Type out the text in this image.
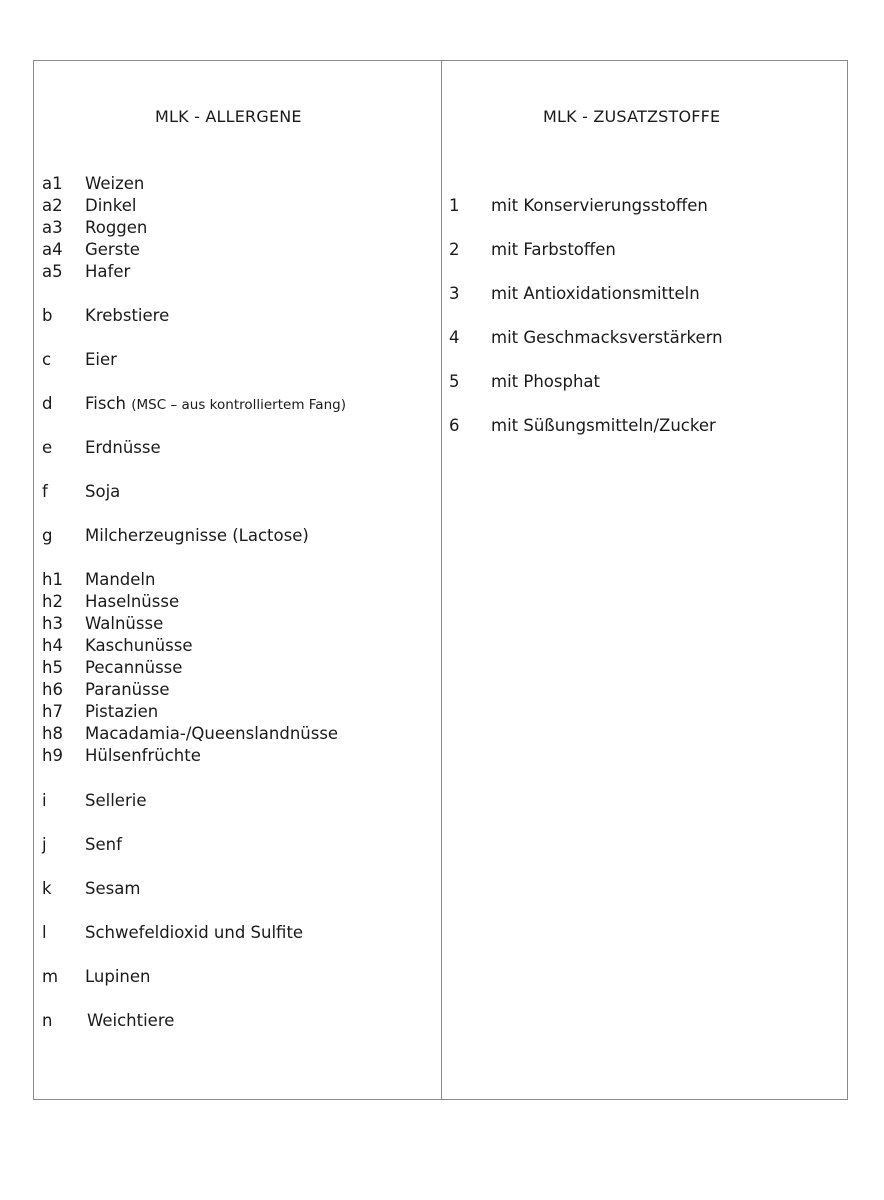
MLK - ALLERGENE	MLK - ZUSATZSTOFFE
a1 Weizen
a2 Dinkel
a3 Roggen
a4 Gerste
a5 Hafer
b Krebstiere
c Eier
d Fisch (MSC – aus kontrolliertem Fang)
e Erdnüsse
f Soja
g Milcherzeugnisse (Lactose)
h1 Mandeln
h2 Haselnüsse
h3 Walnüsse
h4 Kaschunüsse
h5 Pecannüsse
h6 Paranüsse
h7 Pistazien
h8 Macadamia-/Queenslandnüsse
h9 Hülsenfrüchte
i Sellerie
j Senf
k Sesam
l Schwefeldioxid und Sulfite
m Lupinen
n Weichtiere
1 mit Konservierungsstoffen
2 mit Farbstoffen
3 mit Antioxidationsmitteln
4 mit Geschmacksverstärkern
5 mit Phosphat
6 mit Süßungsmitteln/Zucker
